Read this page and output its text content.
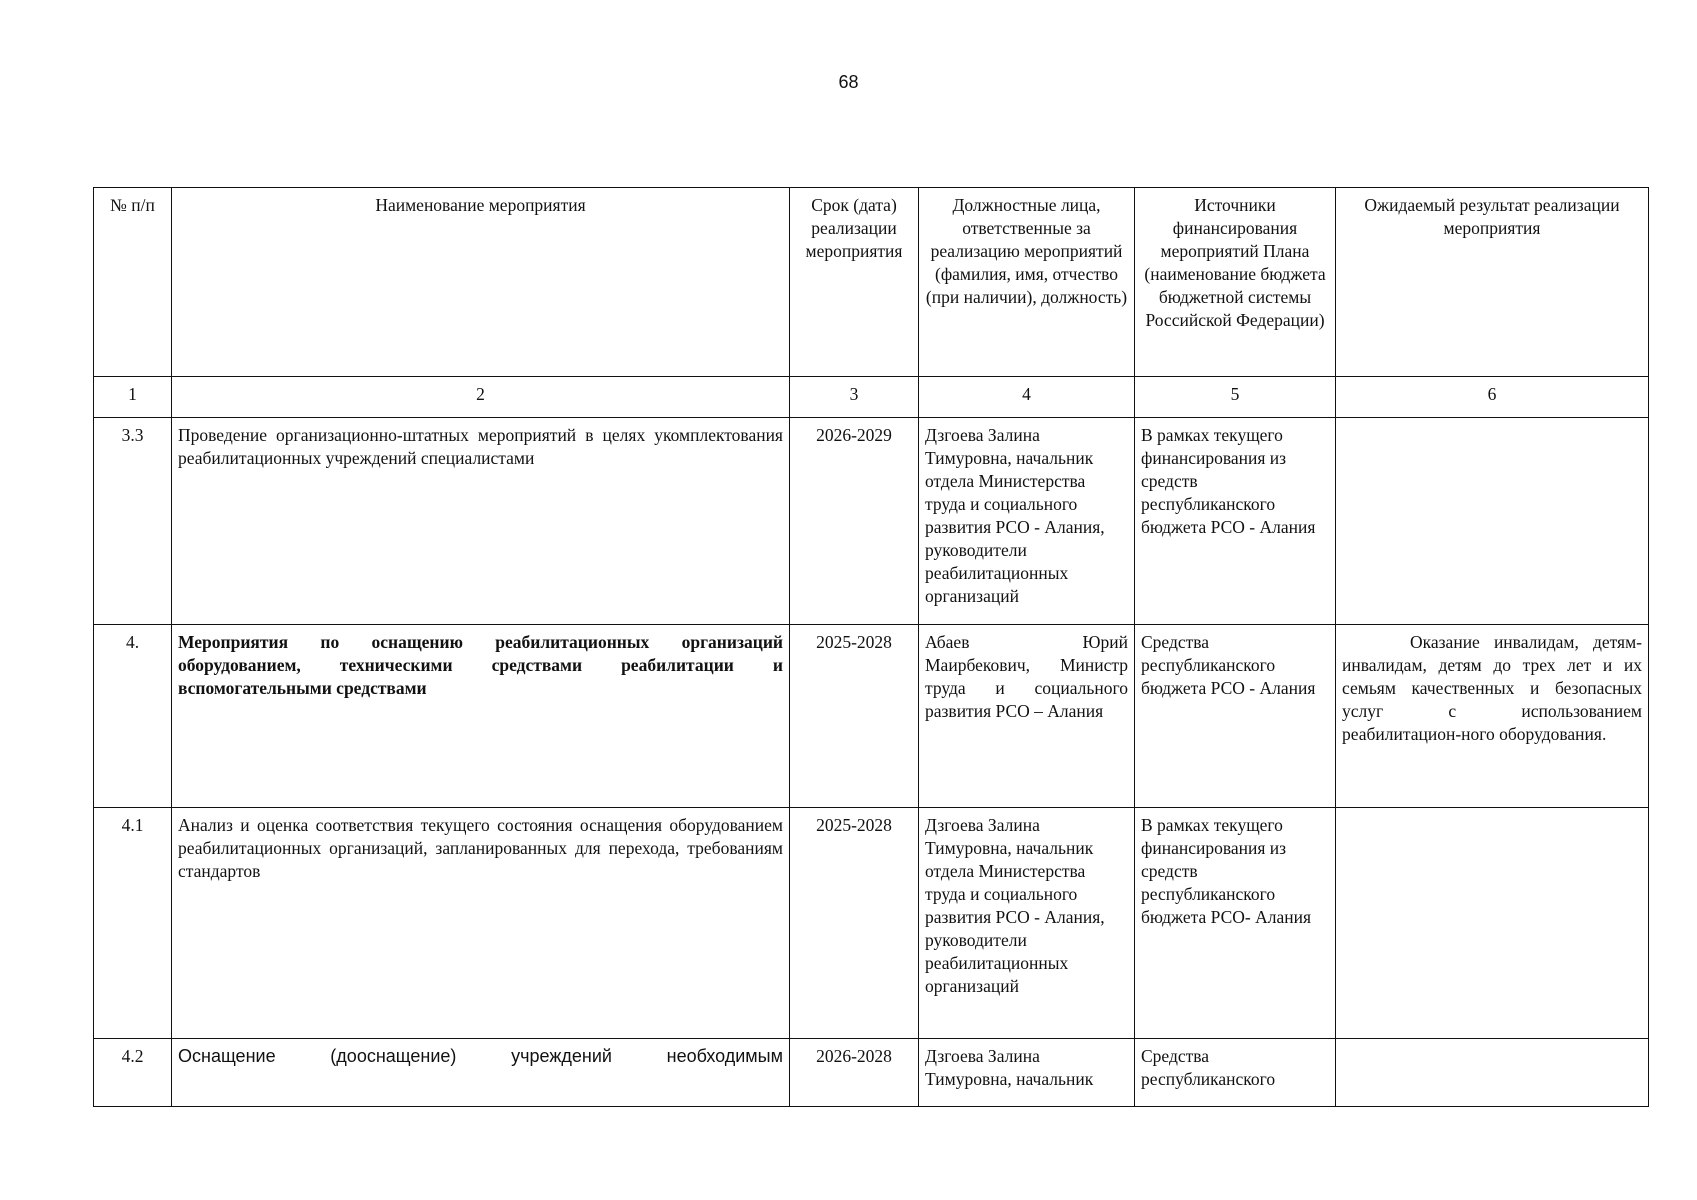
68
№ п/п	Наименование мероприятия	Срок (дата) реализации мероприятия	Должностные лица, ответственные за реализацию мероприятий (фамилия, имя, отчество (при наличии), должность)	Источники финансирования мероприятий Плана (наименование бюджета бюджетной системы Российской Федерации)	Ожидаемый результат реализации мероприятия
1	2	3	4	5	6
3.3	Проведение организационно-штатных мероприятий в целях укомплектования реабилитационных учреждений специалистами	2026-2029	Дзгоева Залина Тимуровна, начальник отдела Министерства труда и социального развития РСО - Алания, руководители реабилитационных организаций	В рамках текущего финансирования из средств республиканского бюджета РСО - Алания	
4.	Мероприятия по оснащению реабилитационных организаций оборудованием, техническими средствами реабилитации и вспомогательными средствами	2025-2028	Абаев Юрий Маирбекович, Министр труда и социального развития РСО – Алания	Средства республиканского бюджета РСО - Алания	Оказание инвалидам, детям-инвалидам, детям до трех лет и их семьям качественных и безопасных услуг с использованием реабилитацион-ного оборудования.
4.1	Анализ и оценка соответствия текущего состояния оснащения оборудованием реабилитационных организаций, запланированных для перехода, требованиям стандартов	2025-2028	Дзгоева Залина Тимуровна, начальник отдела Министерства труда и социального развития РСО - Алания, руководители реабилитационных организаций	В рамках текущего финансирования из средств республиканского бюджета РСО- Алания	
4.2	Оснащение (дооснащение) учреждений необходимым	2026-2028	Дзгоева Залина Тимуровна, начальник	Средства республиканского	
